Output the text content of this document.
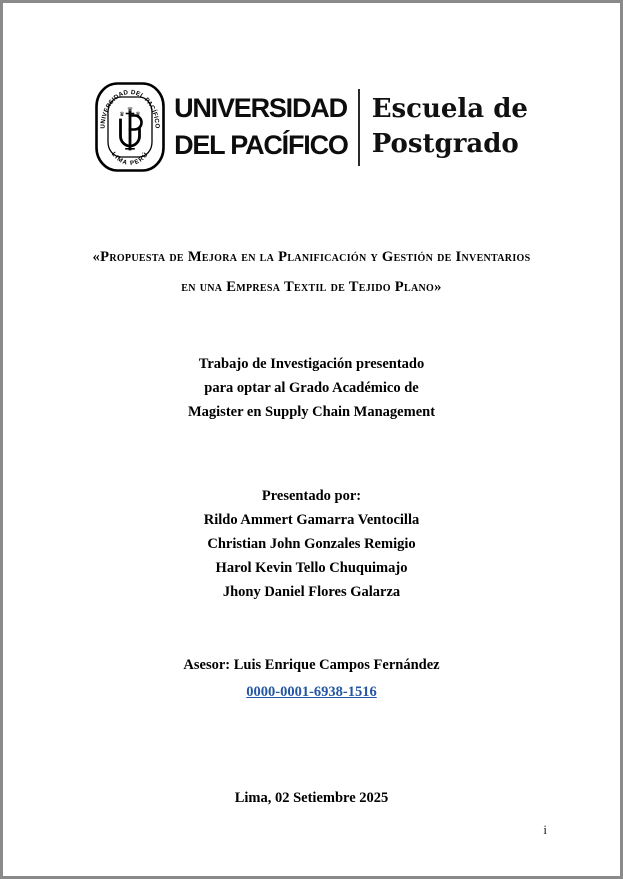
UNIVERSIDAD DEL PACÍFICO
LIMA PERÚ
♛
♛
♛ UNIVERSIDAD
DEL PACÍFICO
Escuela de
Postgrado
«Propuesta de Mejora en la Planificación y Gestión de Inventarios
en una Empresa Textil de Tejido Plano»
Trabajo de Investigación presentado
para optar al Grado Académico de
Magister en Supply Chain Management
Presentado por:
Rildo Ammert Gamarra Ventocilla
Christian John Gonzales Remigio
Harol Kevin Tello Chuquimajo
Jhony Daniel Flores Galarza
Asesor: Luis Enrique Campos Fernández
0000-0001-6938-1516
Lima, 02 Setiembre 2025
i
